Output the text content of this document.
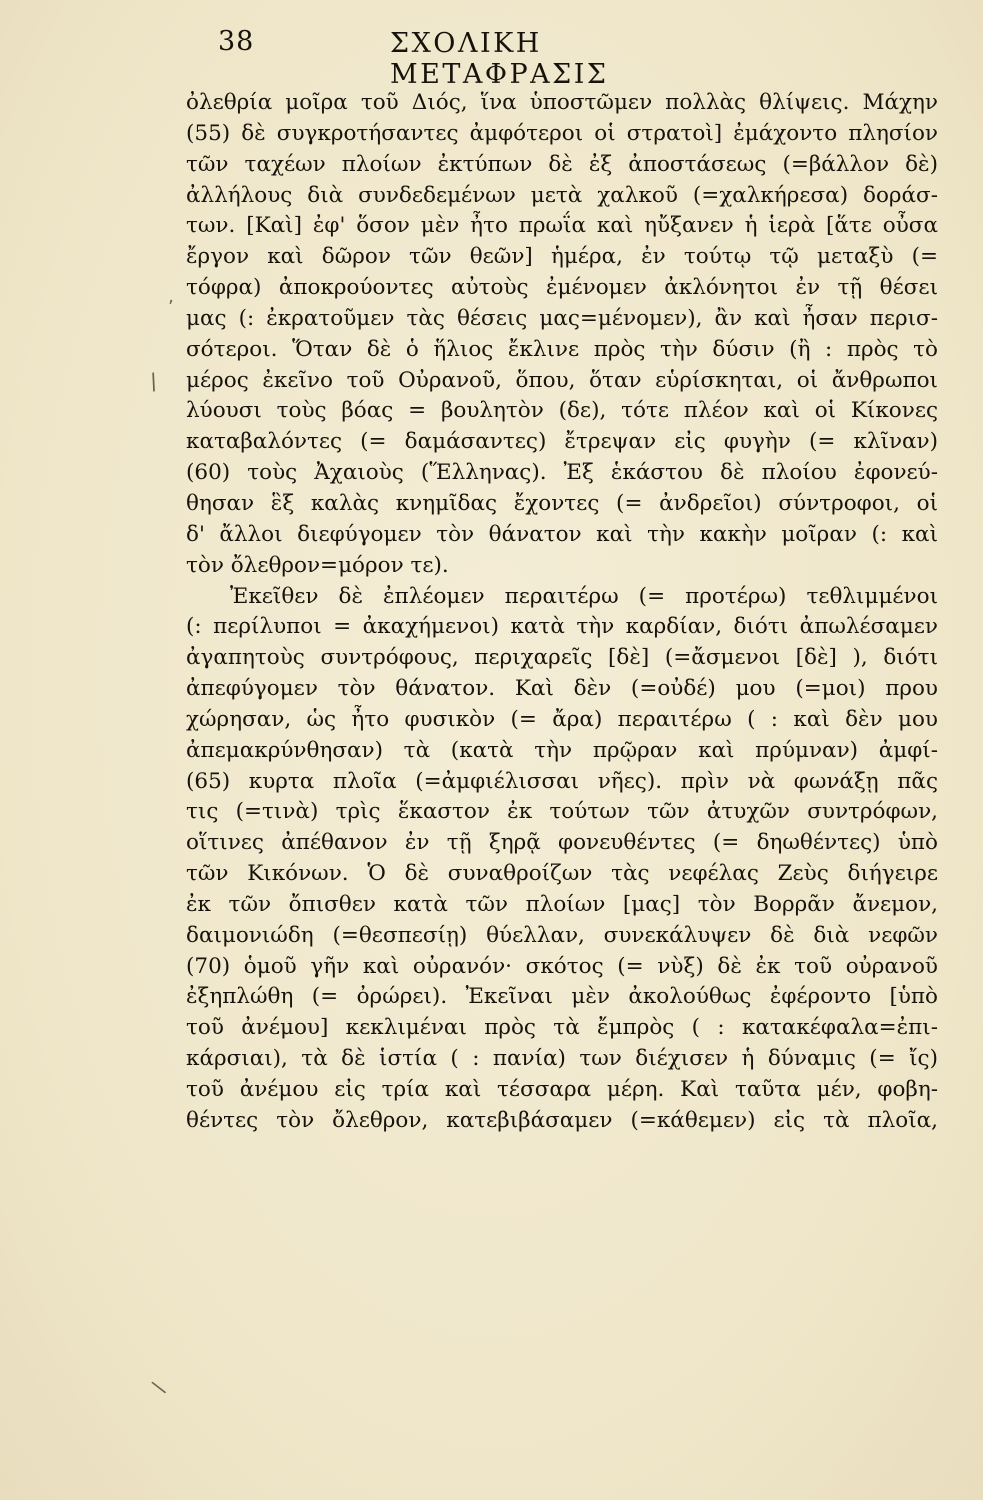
38	ΣΧΟΛΙΚΗ ΜΕΤΑΦΡΑΣΙΣ
ʼ
/
\
ὀλεθρία μοῖρα τοῦ Διός, ἵνα ὑποστῶμεν πολλὰς θλίψεις. Μάχην
(55) δὲ συγκροτήσαντες ἀμφότεροι οἱ στρατοὶ] ἐμάχοντο πλησίον
τῶν ταχέων πλοίων ἐκτύπων δὲ ἐξ ἀποστάσεως (=βάλλον δὲ)
ἀλλήλους διὰ συνδεδεμένων μετὰ χαλκοῦ (=χαλκήρεσα) δοράσ-
των. [Καὶ] ἐφ' ὅσον μὲν ἦτο πρωΐα καὶ ηὔξανεν ἡ ἱερὰ [ἅτε οὖσα
ἔργον καὶ δῶρον τῶν θεῶν] ἡμέρα, ἐν τούτῳ τῷ μεταξὺ (=
τόφρα) ἀποκρούοντες αὐτοὺς ἐμένομεν ἀκλόνητοι ἐν τῇ θέσει
μας (: ἐκρατοῦμεν τὰς θέσεις μας=μένομεν), ἂν καὶ ἦσαν περισ-
σότεροι. Ὅταν δὲ ὁ ἥλιος ἔκλινε πρὸς τὴν δύσιν (ἢ : πρὸς τὸ
μέρος ἐκεῖνο τοῦ Οὐρανοῦ, ὅπου, ὅταν εὑρίσκηται, οἱ ἄνθρωποι
λύουσι τοὺς βόας = βουλητὸν (δε), τότε πλέον καὶ οἱ Κίκονες
καταβαλόντες (= δαμάσαντες) ἔτρεψαν εἰς φυγὴν (= κλῖναν)
(60) τοὺς Ἀχαιοὺς (Ἕλληνας). Ἐξ ἑκάστου δὲ πλοίου ἐφονεύ-
θησαν ἓξ καλὰς κνημῖδας ἔχοντες (= ἀνδρεῖοι) σύντροφοι, οἱ
δ' ἄλλοι διεφύγομεν τὸν θάνατον καὶ τὴν κακὴν μοῖραν (: καὶ
τὸν ὄλεθρον=μόρον τε).
Ἐκεῖθεν δὲ ἐπλέομεν περαιτέρω (= προτέρω) τεθλιμμένοι
(: περίλυποι = ἀκαχήμενοι) κατὰ τὴν καρδίαν, διότι ἀπωλέσαμεν
ἀγαπητοὺς συντρόφους, περιχαρεῖς [δὲ] (=ἄσμενοι [δὲ] ), διότι
ἀπεφύγομεν τὸν θάνατον. Καὶ δὲν (=οὐδέ) μου (=μοι) πρου
χώρησαν, ὡς ἦτο φυσικὸν (= ἄρα) περαιτέρω ( : καὶ δὲν μου
ἀπεμακρύνθησαν) τὰ (κατὰ τὴν πρῷραν καὶ πρύμναν) ἀμφί-
(65) κυρτα πλοῖα (=ἀμφιέλισσαι νῆες). πρὶν νὰ φωνάξῃ πᾶς
τις (=τινὰ) τρὶς ἕκαστον ἐκ τούτων τῶν ἀτυχῶν συντρόφων,
οἵτινες ἀπέθανον ἐν τῇ ξηρᾷ φονευθέντες (= δηωθέντες) ὑπὸ
τῶν Κικόνων. Ὁ δὲ συναθροίζων τὰς νεφέλας Ζεὺς διήγειρε
ἐκ τῶν ὄπισθεν κατὰ τῶν πλοίων [μας] τὸν Βορρᾶν ἄνεμον,
δαιμονιώδη (=θεσπεσίῃ) θύελλαν, συνεκάλυψεν δὲ διὰ νεφῶν
(70) ὁμοῦ γῆν καὶ οὐρανόν· σκότος (= νὺξ) δὲ ἐκ τοῦ οὐρανοῦ
ἐξηπλώθη (= ὀρώρει). Ἐκεῖναι μὲν ἀκολούθως ἐφέροντο [ὑπὸ
τοῦ ἀνέμου] κεκλιμέναι πρὸς τὰ ἔμπρὸς ( : κατακέφαλα=ἐπι-
κάρσιαι), τὰ δὲ ἱστία ( : πανία) των διέχισεν ἡ δύναμις (= ἴς)
τοῦ ἀνέμου εἰς τρία καὶ τέσσαρα μέρη. Καὶ ταῦτα μέν, φοβη-
θέντες τὸν ὄλεθρον, κατεβιβάσαμεν (=κάθεμεν) εἰς τὰ πλοῖα,
